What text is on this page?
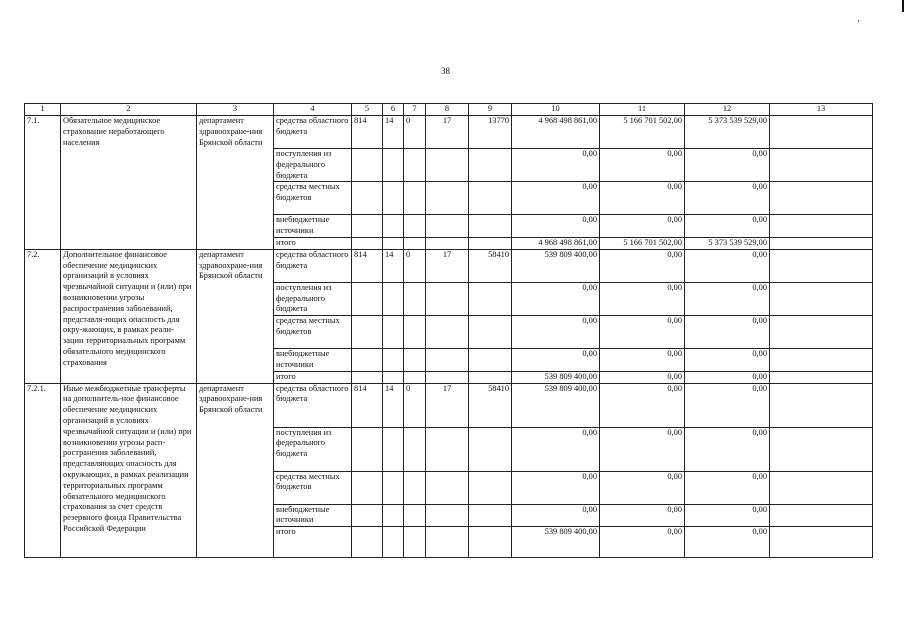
38
1	2	3	4	5	6	7	8	9	10	11	12	13
7.1.	Обязательное медицинское страхование неработающего населения	департамент здравоохране-ния Брянской области	средства областного бюджета	814	14	0	17	13770	4 968 498 861,00	5 166 701 502,00	5 373 539 529,00	
			поступления из федерального бюджета						0,00	0,00	0,00	
			средства местных бюджетов						0,00	0,00	0,00	
			внебюджетные источники						0,00	0,00	0,00	
			итого						4 968 498 861,00	5 166 701 502,00	5 373 539 529,00	
7.2.	Дополнительное финансовое обеспечение медицинских организаций в условиях чрезвычайной ситуации и (или) при возникновении угрозы распространения заболеваний, представля-ющих опасность для окру-жающих, в рамках реали-зации территориальных программ обязательного медицинского страхования	департамент здравоохране-ния Брянской области	средства областного бюджета	814	14	0	17	58410	539 809 400,00	0,00	0,00	
			поступления из федерального бюджета						0,00	0,00	0,00	
			средства местных бюджетов						0,00	0,00	0,00	
			внебюджетные источники						0,00	0,00	0,00	
			итого						539 809 400,00	0,00	0,00	
7.2.1.	Иные межбюджетные трансферты на дополнитель-ное финансовое обеспечение медицинских организаций в условиях чрезвычайной ситуации и (или) при возникновении угрозы расп-ространения заболеваний, представляющих опасность для окружающих, в рамках реализации территориальных программ обязательного медицинского страхования за счет средств резервного фонда Правительства Российской Федерации	департамент здравоохране-ния Брянской области	средства областного бюджета	814	14	0	17	58410	539 809 400,00	0,00	0,00	
			поступления из федерального бюджета						0,00	0,00	0,00	
			средства местных бюджетов						0,00	0,00	0,00	
			внебюджетные источники						0,00	0,00	0,00	
			итого						539 809 400,00	0,00	0,00	
